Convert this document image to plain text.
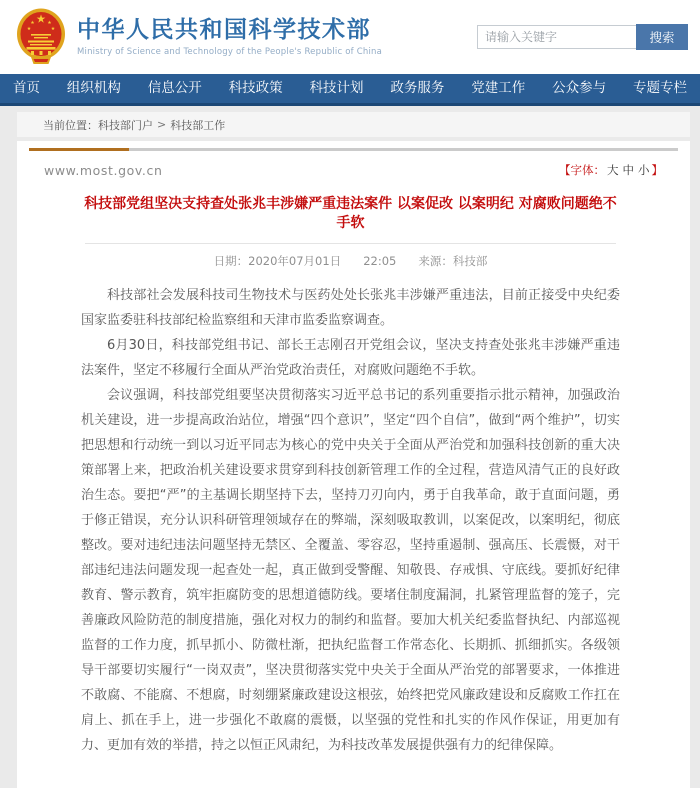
中华人民共和国科学技术部
Ministry of Science and Technology of the People's Republic of China
请输入关键字
搜索
首页 组织机构 信息公开 科技政策 科技计划 政务服务 党建工作 公众参与 专题专栏
当前位置： 科技部门户 > 科技部工作
www.most.gov.cn	【字体： 大 中 小 】
科技部党组坚决支持查处张兆丰涉嫌严重违法案件 以案促改 以案明纪 对腐败问题绝不手软
日期：2020年07月01日 22:05 来源：科技部

科技部社会发展科技司生物技术与医药处处长张兆丰涉嫌严重违法，目前正接受中央纪委国家监委驻科技部纪检监察组和天津市监委监察调查。

6月30日，科技部党组书记、部长王志刚召开党组会议，坚决支持查处张兆丰涉嫌严重违法案件，坚定不移履行全面从严治党政治责任，对腐败问题绝不手软。

会议强调，科技部党组要坚决贯彻落实习近平总书记的系列重要指示批示精神，加强政治机关建设，进一步提高政治站位，增强“四个意识”，坚定“四个自信”，做到“两个维护”，切实把思想和行动统一到以习近平同志为核心的党中央关于全面从严治党和加强科技创新的重大决策部署上来，把政治机关建设要求贯穿到科技创新管理工作的全过程，营造风清气正的良好政治生态。要把“严”的主基调长期坚持下去，坚持刀刃向内，勇于自我革命，敢于直面问题，勇于修正错误，充分认识科研管理领域存在的弊端，深刻吸取教训，以案促改，以案明纪，彻底整改。要对违纪违法问题坚持无禁区、全覆盖、零容忍，坚持重遏制、强高压、长震慑，对干部违纪违法问题发现一起查处一起，真正做到受警醒、知敬畏、存戒惧、守底线。要抓好纪律教育、警示教育，筑牢拒腐防变的思想道德防线。要堵住制度漏洞，扎紧管理监督的笼子，完善廉政风险防范的制度措施，强化对权力的制约和监督。要加大机关纪委监督执纪、内部巡视监督的工作力度，抓早抓小、防微杜渐，把执纪监督工作常态化、长期抓、抓细抓实。各级领导干部要切实履行“一岗双责”，坚决贯彻落实党中央关于全面从严治党的部署要求，一体推进不敢腐、不能腐、不想腐，时刻绷紧廉政建设这根弦，始终把党风廉政建设和反腐败工作扛在肩上、抓在手上，进一步强化不敢腐的震慑，以坚强的党性和扎实的作风作保证，用更加有力、更加有效的举措，持之以恒正风肃纪，为科技改革发展提供强有力的纪律保障。
